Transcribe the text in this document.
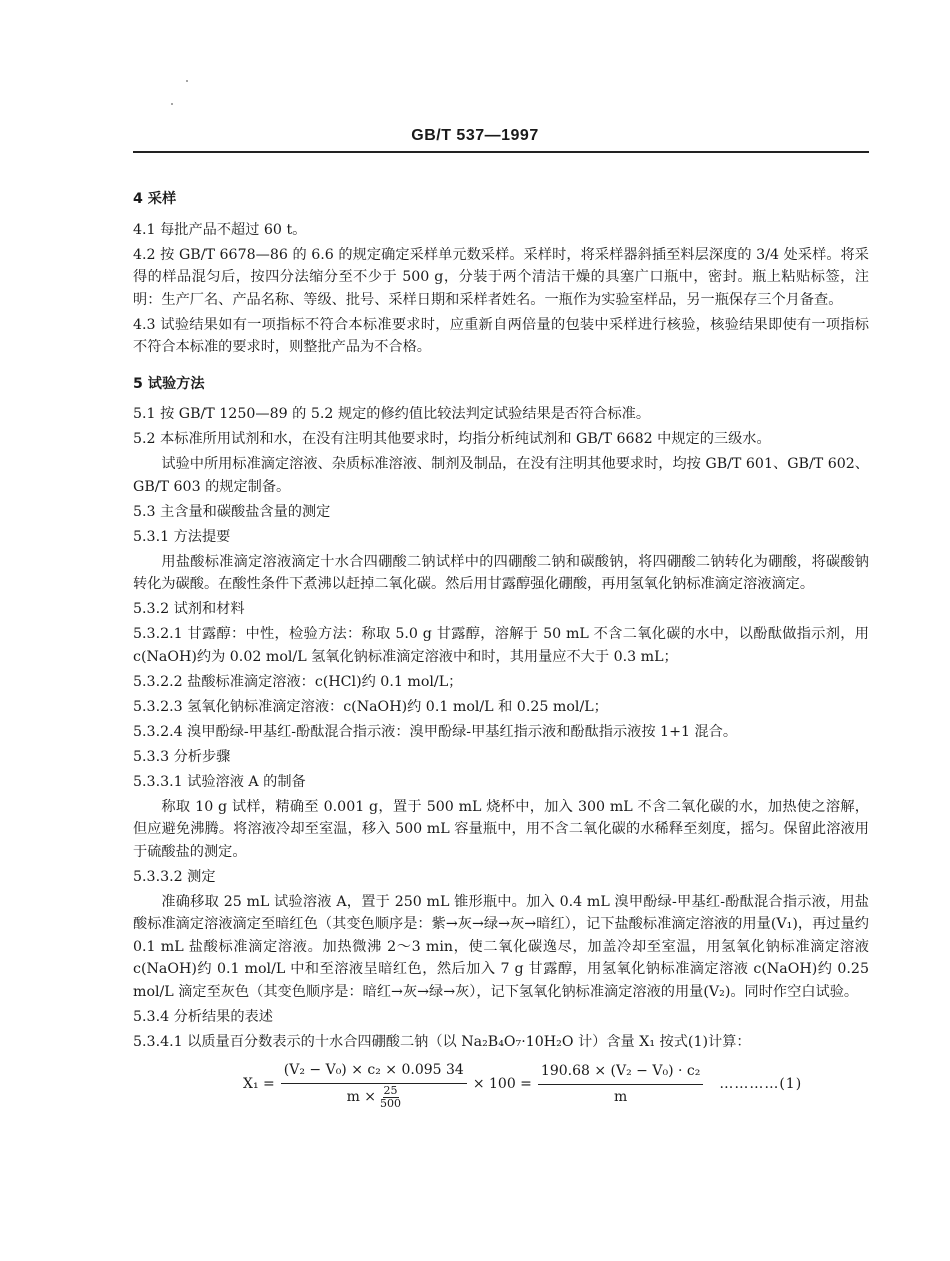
GB/T 537—1997
4 采样
4.1 每批产品不超过 60 t。
4.2 按 GB/T 6678—86 的 6.6 的规定确定采样单元数采样。采样时，将采样器斜插至料层深度的 3/4 处采样。将采得的样品混匀后，按四分法缩分至不少于 500 g，分装于两个清洁干燥的具塞广口瓶中，密封。瓶上粘贴标签，注明：生产厂名、产品名称、等级、批号、采样日期和采样者姓名。一瓶作为实验室样品，另一瓶保存三个月备查。
4.3 试验结果如有一项指标不符合本标准要求时，应重新自两倍量的包装中采样进行核验，核验结果即使有一项指标不符合本标准的要求时，则整批产品为不合格。
5 试验方法
5.1 按 GB/T 1250—89 的 5.2 规定的修约值比较法判定试验结果是否符合标准。
5.2 本标准所用试剂和水，在没有注明其他要求时，均指分析纯试剂和 GB/T 6682 中规定的三级水。
试验中所用标准滴定溶液、杂质标准溶液、制剂及制品，在没有注明其他要求时，均按 GB/T 601、GB/T 602、GB/T 603 的规定制备。
5.3 主含量和碳酸盐含量的测定
5.3.1 方法提要
用盐酸标准滴定溶液滴定十水合四硼酸二钠试样中的四硼酸二钠和碳酸钠，将四硼酸二钠转化为硼酸，将碳酸钠转化为碳酸。在酸性条件下煮沸以赶掉二氧化碳。然后用甘露醇强化硼酸，再用氢氧化钠标准滴定溶液滴定。
5.3.2 试剂和材料
5.3.2.1 甘露醇：中性，检验方法：称取 5.0 g 甘露醇，溶解于 50 mL 不含二氧化碳的水中，以酚酞做指示剂，用 c(NaOH)约为 0.02 mol/L 氢氧化钠标准滴定溶液中和时，其用量应不大于 0.3 mL；
5.3.2.2 盐酸标准滴定溶液：c(HCl)约 0.1 mol/L；
5.3.2.3 氢氧化钠标准滴定溶液：c(NaOH)约 0.1 mol/L 和 0.25 mol/L；
5.3.2.4 溴甲酚绿-甲基红-酚酞混合指示液：溴甲酚绿-甲基红指示液和酚酞指示液按 1+1 混合。
5.3.3 分析步骤
5.3.3.1 试验溶液 A 的制备
称取 10 g 试样，精确至 0.001 g，置于 500 mL 烧杯中，加入 300 mL 不含二氧化碳的水，加热使之溶解，但应避免沸腾。将溶液冷却至室温，移入 500 mL 容量瓶中，用不含二氧化碳的水稀释至刻度，摇匀。保留此溶液用于硫酸盐的测定。
5.3.3.2 测定
准确移取 25 mL 试验溶液 A，置于 250 mL 锥形瓶中。加入 0.4 mL 溴甲酚绿-甲基红-酚酞混合指示液，用盐酸标准滴定溶液滴定至暗红色（其变色顺序是：紫→灰→绿→灰→暗红），记下盐酸标准滴定溶液的用量(V₁)，再过量约 0.1 mL 盐酸标准滴定溶液。加热微沸 2～3 min，使二氧化碳逸尽，加盖冷却至室温，用氢氧化钠标准滴定溶液 c(NaOH)约 0.1 mol/L 中和至溶液呈暗红色，然后加入 7 g 甘露醇，用氢氧化钠标准滴定溶液 c(NaOH)约 0.25 mol/L 滴定至灰色（其变色顺序是：暗红→灰→绿→灰），记下氢氧化钠标准滴定溶液的用量(V₂)。同时作空白试验。
5.3.4 分析结果的表述
5.3.4.1 以质量百分数表示的十水合四硼酸二钠（以 Na₂B₄O₇·10H₂O 计）含量 X₁ 按式(1)计算：
$X_1 = \frac{\text{(V₂ − V₀) × c₂ × 0.095 34}}{m \times \frac{25}{500}} \times 100 = \frac{\text{190.68 × (V₂ − V₀) · c₂}}{m}$ …………(1)
